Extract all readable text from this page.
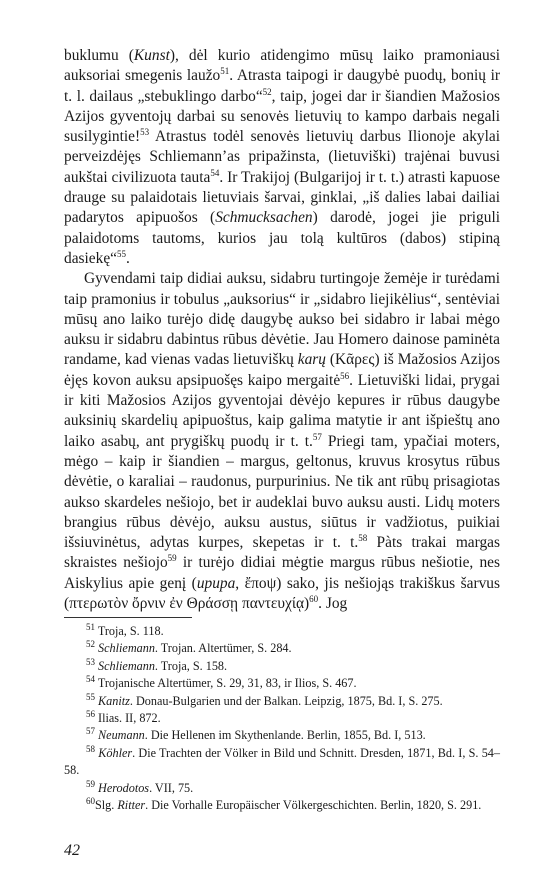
buklumu (Kunst), dėl kurio atidengimo mūsų laiko pramoniausi auksoriai smegenis laužo$^{51}$. Atrasta taipogi ir daugybė puodų, bonių ir t. l. dailaus „stebuklingo darbo“$^{52}$, taip, jogei dar ir šiandien Mažosios Azijos gyventojų darbai su senovės lietuvių to kampo darbais negali susilygintie!$^{53}$ Atrastus todėl senovės lietuvių darbus Ilionoje akylai perveizdėjęs Schliemann’as pripažinsta, (lietuviški) trajėnai buvusi aukštai civilizuota tauta$^{54}$. Ir Trakijoj (Bulgarijoj ir t. t.) atrasti kapuose drauge su palaidotais lietuviais šarvai, ginklai, „iš dalies labai dailiai padarytos apipuošos (Schmucksachen) darodė, jogei jie priguli palaidotoms tautoms, kurios jau tolą kultūros (dabos) stipiną dasiekę“$^{55}$.

Gyvendami taip didiai auksu, sidabru turtingoje žemėje ir turėdami taip pramonius ir tobulus „auksorius“ ir „sidabro liejikėlius“, sentėviai mūsų ano laiko turėjo didę daugybę aukso bei sidabro ir labai mėgo auksu ir sidabru dabintus rūbus dėvėtie. Jau Homero dainose paminėta randame, kad vienas vadas lietuviškų karų (Κᾶρες) iš Mažosios Azijos ėjęs kovon auksu apsipuošęs kaipo mergaitė$^{56}$. Lietuviški lidai, prygai ir kiti Mažosios Azijos gyventojai dėvėjo kepures ir rūbus daugybe auksinių skardelių apipuoštus, kaip galima matytie ir ant išpieštų ano laiko asabų, ant prygiškų puodų ir t. t.$^{57}$ Priegi tam, ypačiai moters, mėgo – kaip ir šiandien – margus, geltonus, kruvus krosytus rūbus dėvėtie, o karaliai – raudonus, purpurinius. Ne tik ant rūbų prisagiotas aukso skardeles nešiojo, bet ir audeklai buvo auksu austi. Lidų moters brangius rūbus dėvėjo, auksu austus, siūtus ir vadžiotus, puikiai išsiuvinėtus, adytas kurpes, skepetas ir t. t.$^{58}$ Pàts trakai margas skraistes nešiojo$^{59}$ ir turėjo didiai mėgtie margus rūbus nešiotie, nes Aiskylius apie genį (upupa, ἔποψ) sako, jis nešiojąs trakiškus šarvus (πτερωτὸν ὄρνιν ἐν Θράσσῃ παντευχίᾳ)$^{60}$. Jog

$^{51}$ Troja, S. 118.
$^{52}$ Schliemann. Trojan. Altertümer, S. 284.
$^{53}$ Schliemann. Troja, S. 158.
$^{54}$ Trojanische Altertümer, S. 29, 31, 83, ir Ilios, S. 467.
$^{55}$ Kanitz. Donau-Bulgarien und der Balkan. Leipzig, 1875, Bd. I, S. 275.
$^{56}$ Ilias. II, 872.
$^{57}$ Neumann. Die Hellenen im Skythenlande. Berlin, 1855, Bd. I, 513.
$^{58}$ Köhler. Die Trachten der Völker in Bild und Schnitt. Dresden, 1871, Bd. I, S. 54–58.
$^{59}$ Herodotos. VII, 75.
$^{60}$Slg. Ritter. Die Vorhalle Europäischer Völkergeschichten. Berlin, 1820, S. 291.
42
